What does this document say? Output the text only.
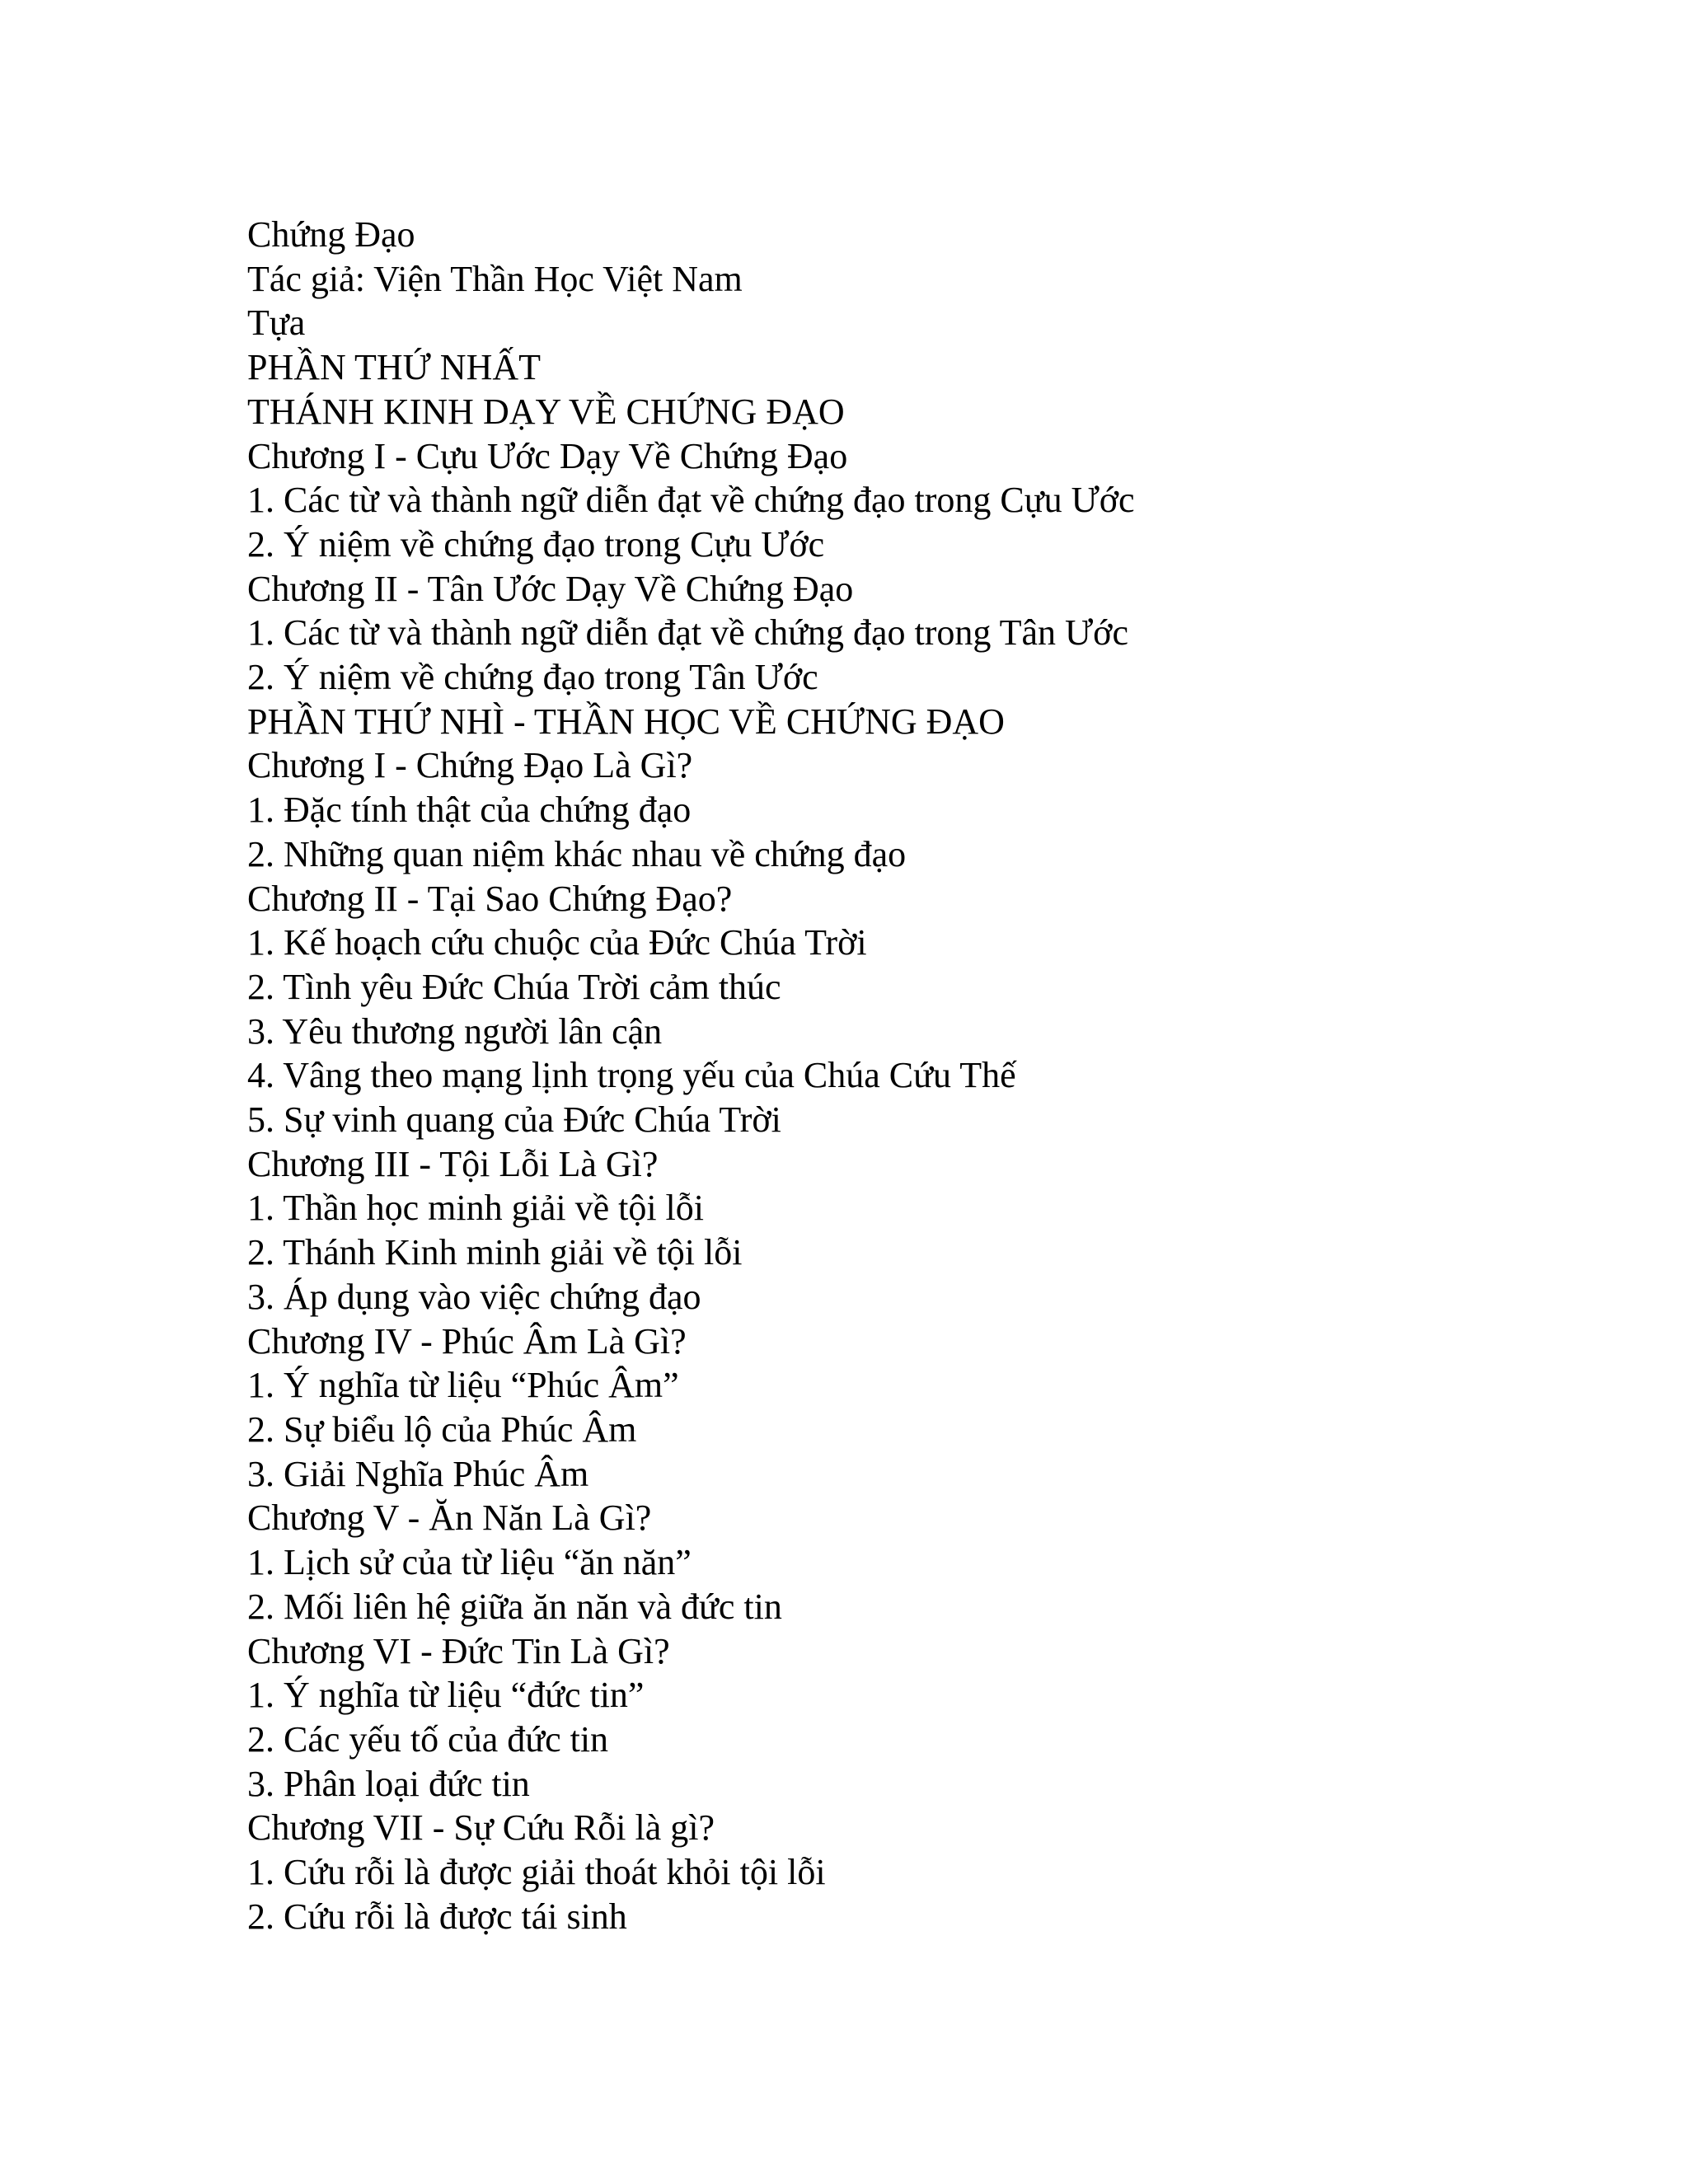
Chứng Đạo
Tác giả: Viện Thần Học Việt Nam
Tựa
PHẦN THỨ NHẤT
THÁNH KINH DẠY VỀ CHỨNG ĐẠO
Chương I - Cựu Ước Dạy Về Chứng Đạo
1. Các từ và thành ngữ diễn đạt về chứng đạo trong Cựu Ước
2. Ý niệm về chứng đạo trong Cựu Ước
Chương II - Tân Ước Dạy Về Chứng Đạo
1. Các từ và thành ngữ diễn đạt về chứng đạo trong Tân Ước
2. Ý niệm về chứng đạo trong Tân Ước
PHẦN THỨ NHÌ - THẦN HỌC VỀ CHỨNG ĐẠO
Chương I - Chứng Đạo Là Gì?
1. Đặc tính thật của chứng đạo
2. Những quan niệm khác nhau về chứng đạo
Chương II - Tại Sao Chứng Đạo?
1. Kế hoạch cứu chuộc của Đức Chúa Trời
2. Tình yêu Đức Chúa Trời cảm thúc
3. Yêu thương người lân cận
4. Vâng theo mạng lịnh trọng yếu của Chúa Cứu Thế
5. Sự vinh quang của Đức Chúa Trời
Chương III - Tội Lỗi Là Gì?
1. Thần học minh giải về tội lỗi
2. Thánh Kinh minh giải về tội lỗi
3. Áp dụng vào việc chứng đạo
Chương IV - Phúc Âm Là Gì?
1. Ý nghĩa từ liệu “Phúc Âm”
2. Sự biểu lộ của Phúc Âm
3. Giải Nghĩa Phúc Âm
Chương V - Ăn Năn Là Gì?
1. Lịch sử của từ liệu “ăn năn”
2. Mối liên hệ giữa ăn năn và đức tin
Chương VI - Đức Tin Là Gì?
1. Ý nghĩa từ liệu “đức tin”
2. Các yếu tố của đức tin
3. Phân loại đức tin
Chương VII - Sự Cứu Rỗi là gì?
1. Cứu rỗi là được giải thoát khỏi tội lỗi
2. Cứu rỗi là được tái sinh
